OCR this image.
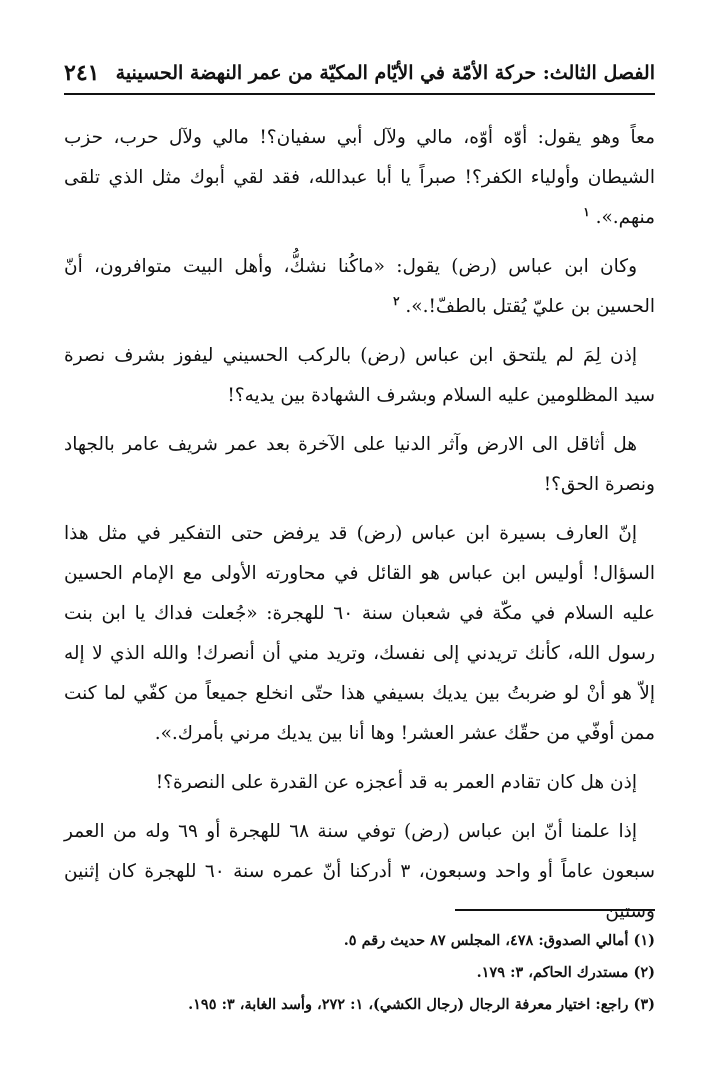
الفصل الثالث: حركة الأمّة في الأيّام المكيّة من عمر النهضة الحسينية
٢٤١

معاً وهو يقول: أوّه أوّه، مالي ولآل أبي سفيان؟! مالي ولآل حرب، حزب الشيطان وأولياء الكفر؟! صبراً يا أبا عبدالله، فقد لقي أبوك مثل الذي تلقى منهم.». $^١$

وكان ابن عباس (رض) يقول: «ماكُنا نشكُّ، وأهل البيت متوافرون، أنّ الحسين بن عليّ يُقتل بالطفّ!.». $^٢$

إذن لِمَ لم يلتحق ابن عباس (رض) بالركب الحسيني ليفوز بشرف نصرة سيد المظلومين عليه السلام وبشرف الشهادة بين يديه؟!

هل أثاقل الى الارض وآثر الدنيا على الآخرة بعد عمر شريف عامر بالجهاد ونصرة الحق؟!

إنّ العارف بسيرة ابن عباس (رض) قد يرفض حتى التفكير في مثل هذا السؤال! أوليس ابن عباس هو القائل في محاورته الأولى مع الإمام الحسين عليه السلام في مكّة في شعبان سنة ٦٠ للهجرة: «جُعلت فداك يا ابن بنت رسول الله، كأنك تريدني إلى نفسك، وتريد مني أن أنصرك! والله الذي لا إله إلاّ هو أنْ لو ضربتُ بين يديك بسيفي هذا حتّى انخلع جميعاً من كفّي لما كنت ممن أوفّي من حقّك عشر العشر! وها أنا بين يديك مرني بأمرك.».

إذن هل كان تقادم العمر به قد أعجزه عن القدرة على النصرة؟!

إذا علمنا أنّ ابن عباس (رض) توفي سنة ٦٨ للهجرة أو ٦٩ وله من العمر سبعون عاماً أو واحد وسبعون، ٣ أدركنا أنّ عمره سنة ٦٠ للهجرة كان إثنين وستين

(١) أمالي الصدوق: ٤٧٨، المجلس ٨٧ حديث رقم ٥.

(٢) مستدرك الحاكم، ٣: ١٧٩.

(٣) راجع: اختيار معرفة الرجال (رجال الكشي)، ١: ٢٧٢، وأسد الغابة، ٣: ١٩٥.
